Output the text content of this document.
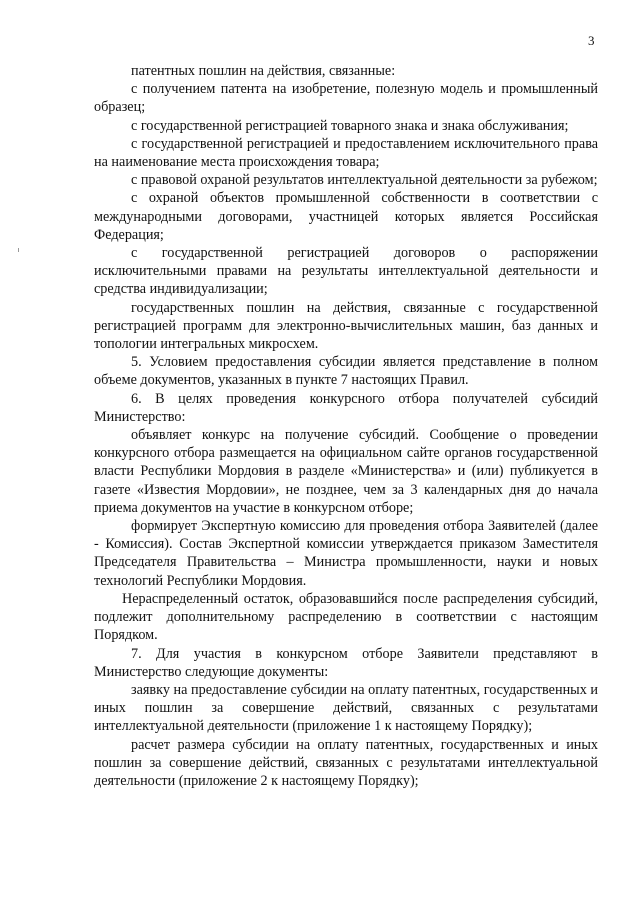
3

патентных пошлин на действия, связанные:

с получением патента на изобретение, полезную модель и промышленный образец;

с государственной регистрацией товарного знака и знака обслуживания;

с государственной регистрацией и предоставлением исключительного права на наименование места происхождения товара;

с правовой охраной результатов интеллектуальной деятельности за рубежом;

с охраной объектов промышленной собственности в соответствии с международными договорами, участницей которых является Российская Федерация;

с государственной регистрацией договоров о распоряжении исключительными правами на результаты интеллектуальной деятельности и средства индивидуализации;

государственных пошлин на действия, связанные с государственной регистрацией программ для электронно-вычислительных машин, баз данных и топологии интегральных микросхем.

5. Условием предоставления субсидии является представление в полном объеме документов, указанных в пункте 7 настоящих Правил.

6. В целях проведения конкурсного отбора получателей субсидий Министерство:

объявляет конкурс на получение субсидий. Сообщение о проведении конкурсного отбора размещается на официальном сайте органов государственной власти Республики Мордовия в разделе «Министерства» и (или) публикуется в газете «Известия Мордовии», не позднее, чем за 3 календарных дня до начала приема документов на участие в конкурсном отборе;

формирует Экспертную комиссию для проведения отбора Заявителей (далее - Комиссия). Состав Экспертной комиссии утверждается приказом Заместителя Председателя Правительства – Министра промышленности, науки и новых технологий Республики Мордовия.

Нераспределенный остаток, образовавшийся после распределения субсидий, подлежит дополнительному распределению в соответствии с настоящим Порядком.

7. Для участия в конкурсном отборе Заявители представляют в Министерство следующие документы:

заявку на предоставление субсидии на оплату патентных, государственных и иных пошлин за совершение действий, связанных с результатами интеллектуальной деятельности (приложение 1 к настоящему Порядку);

расчет размера субсидии на оплату патентных, государственных и иных пошлин за совершение действий, связанных с результатами интеллектуальной деятельности (приложение 2 к настоящему Порядку);
